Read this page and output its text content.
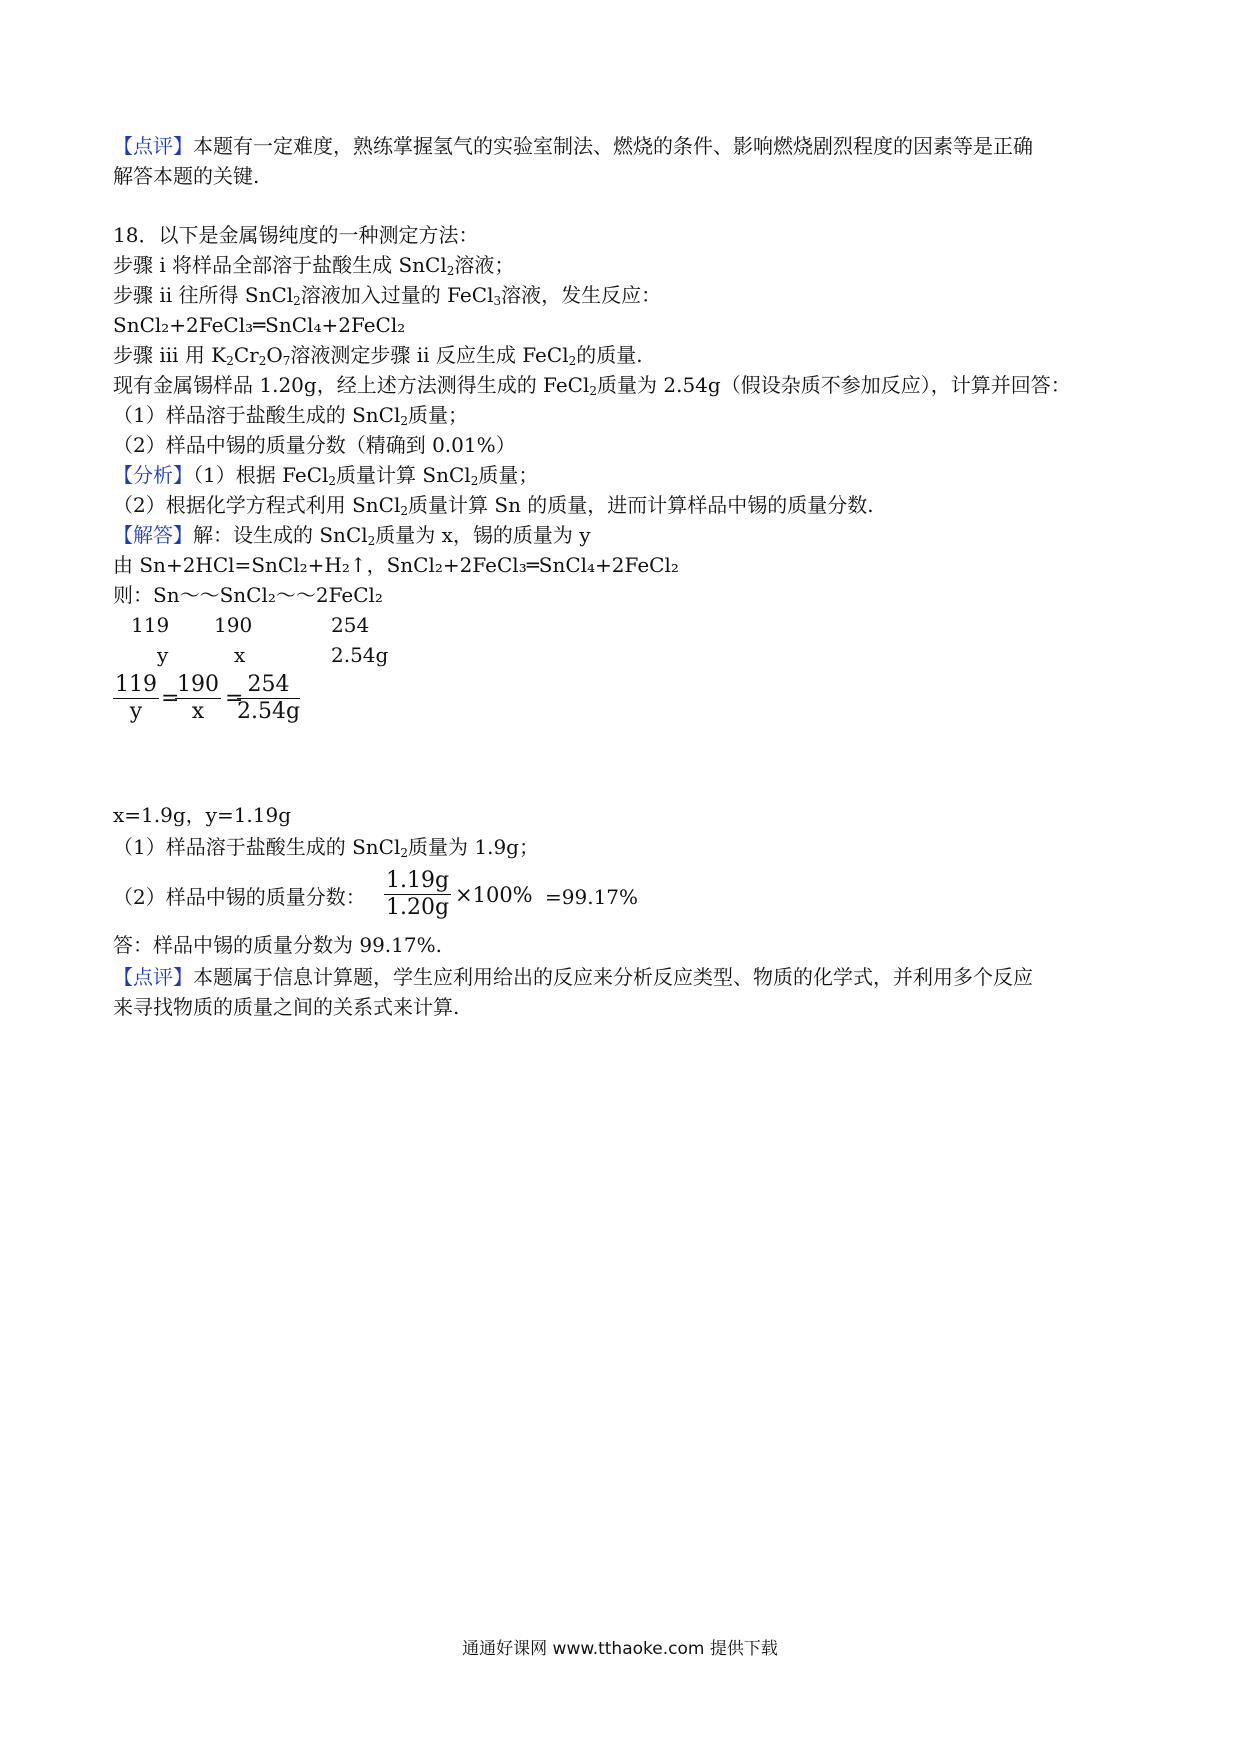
【点评】本题有一定难度，熟练掌握氢气的实验室制法、燃烧的条件、影响燃烧剧烈程度的因素等是正确
解答本题的关键.
18．以下是金属锡纯度的一种测定方法：
步骤 i 将样品全部溶于盐酸生成 SnCl$_2$溶液；
步骤 ii 往所得 SnCl$_2$溶液加入过量的 FeCl$_3$溶液，发生反应：
SnCl₂+2FeCl₃═SnCl₄+2FeCl₂
步骤 iii 用 $K_2Cr_2O_7$溶液测定步骤 ii 反应生成 FeCl$_2$的质量.
现有金属锡样品 1.20g，经上述方法测得生成的 FeCl$_2$质量为 2.54g（假设杂质不参加反应），计算并回答：
（1）样品溶于盐酸生成的 SnCl$_2$质量；
（2）样品中锡的质量分数（精确到 0.01%）
【分析】（1）根据 FeCl$_2$质量计算 SnCl$_2$质量；
（2）根据化学方程式利用 SnCl$_2$质量计算 Sn 的质量，进而计算样品中锡的质量分数.
【解答】解：设生成的 SnCl$_2$质量为 x，锡的质量为 y
由 Sn+2HCl=SnCl₂+H₂↑，SnCl₂+2FeCl₃═SnCl₄+2FeCl₂
则：Sn～～SnCl₂～～2FeCl₂
119 190	254
y	x	2.54g
119
y
=
190
x
=
254
2.54g
x=1.9g，y=1.19g
（1）样品溶于盐酸生成的 SnCl$_2$质量为 1.9g；
（2）样品中锡的质量分数：
1.19g
1.20g ×100% =99.17%
答：样品中锡的质量分数为 99.17%.
【点评】本题属于信息计算题，学生应利用给出的反应来分析反应类型、物质的化学式，并利用多个反应
来寻找物质的质量之间的关系式来计算.
通通好课网 www.tthaoke.com 提供下载
